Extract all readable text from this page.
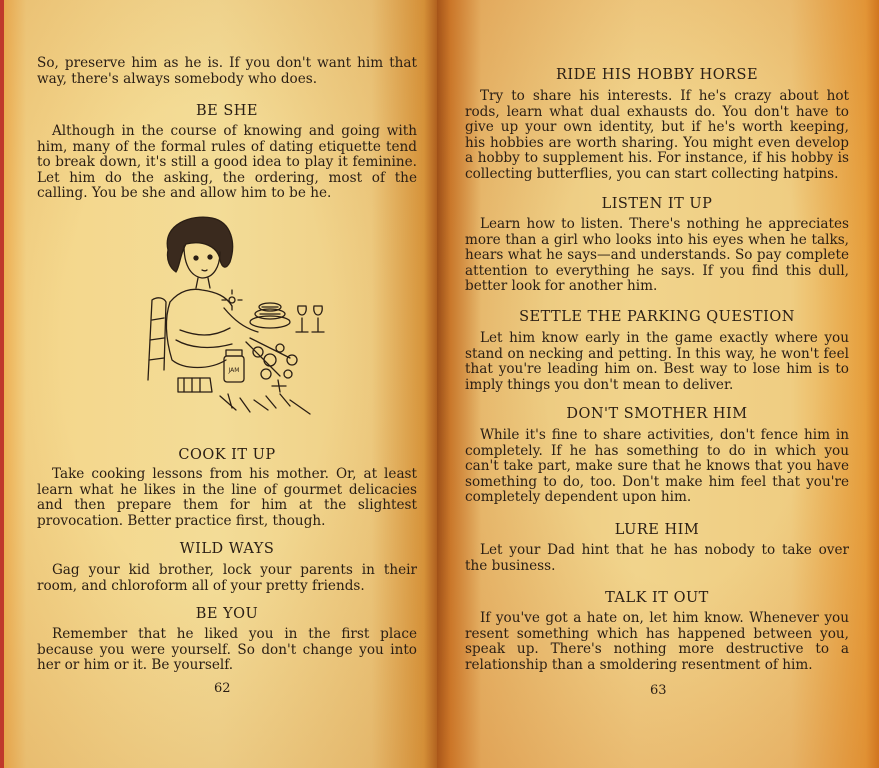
So, preserve him as he is. If you don't want him that way, there's always somebody who does.

BE SHE

Although in the course of knowing and going with him, many of the formal rules of dating etiquette tend to break down, it's still a good idea to play it feminine. Let him do the asking, the ordering, most of the calling. You be she and allow him to be he.

JAM
COOK IT UP

Take cooking lessons from his mother. Or, at least learn what he likes in the line of gourmet delicacies and then prepare them for him at the slightest provocation. Better practice first, though.

WILD WAYS

Gag your kid brother, lock your parents in their room, and chloroform all of your pretty friends.

BE YOU

Remember that he liked you in the first place because you were yourself. So don't change you into her or him or it. Be yourself.

62
RIDE HIS HOBBY HORSE

Try to share his interests. If he's crazy about hot rods, learn what dual exhausts do. You don't have to give up your own identity, but if he's worth keeping, his hobbies are worth sharing. You might even develop a hobby to supplement his. For instance, if his hobby is collecting butterflies, you can start collecting hatpins.

LISTEN IT UP

Learn how to listen. There's nothing he appreciates more than a girl who looks into his eyes when he talks, hears what he says—and understands. So pay complete attention to everything he says. If you find this dull, better look for another him.

SETTLE THE PARKING QUESTION

Let him know early in the game exactly where you stand on necking and petting. In this way, he won't feel that you're leading him on. Best way to lose him is to imply things you don't mean to deliver.

DON'T SMOTHER HIM

While it's fine to share activities, don't fence him in completely. If he has something to do in which you can't take part, make sure that he knows that you have something to do, too. Don't make him feel that you're completely dependent upon him.

LURE HIM

Let your Dad hint that he has nobody to take over the business.

TALK IT OUT

If you've got a hate on, let him know. Whenever you resent something which has happened between you, speak up. There's nothing more destructive to a relationship than a smoldering resentment of him.

63
